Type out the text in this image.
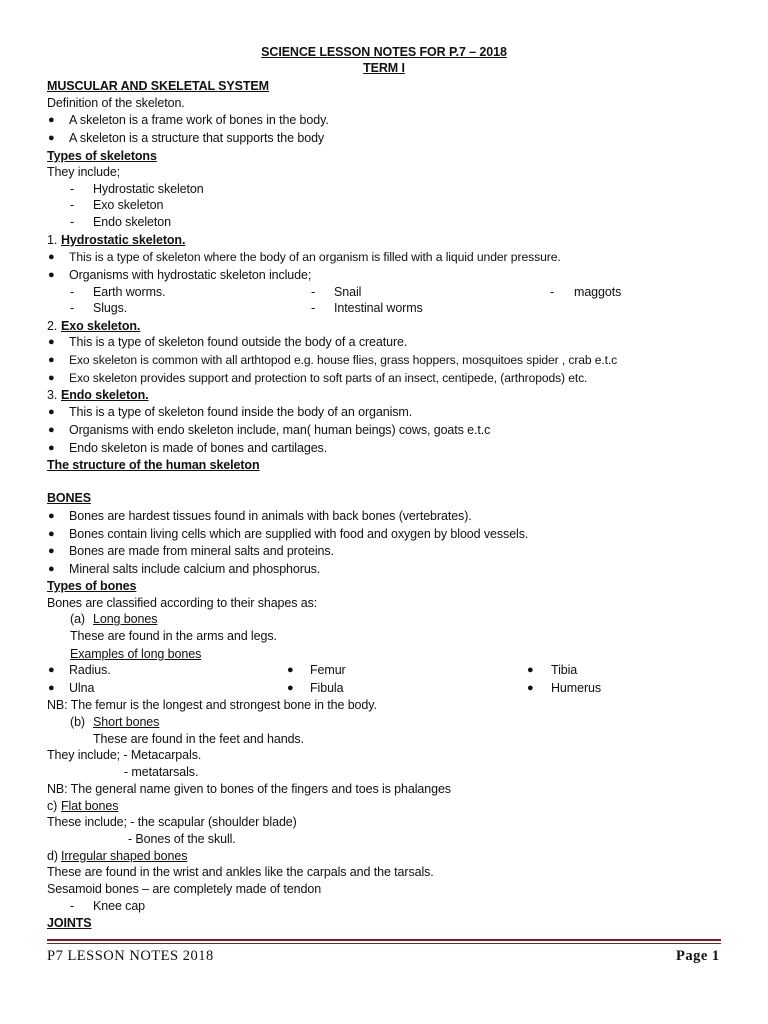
SCIENCE LESSON NOTES FOR P.7 – 2018
TERM I
MUSCULAR AND SKELETAL SYSTEM
Definition of the skeleton.
● A skeleton is a frame work of bones in the body.
● A skeleton is a structure that supports the body
Types of skeletons
They include;
- Hydrostatic skeleton
- Exo skeleton
- Endo skeleton
1. Hydrostatic skeleton.
● This is a type of skeleton where the body of an organism is filled with a liquid under pressure.
● Organisms with hydrostatic skeleton include;
- Earth worms.	- Snail	- maggots
- Slugs.	- Intestinal worms
2. Exo skeleton.
● This is a type of skeleton found outside the body of a creature.
● Exo skeleton is common with all arthtopod e.g. house flies, grass hoppers, mosquitoes spider , crab e.t.c
● Exo skeleton provides support and protection to soft parts of an insect, centipede, (arthropods) etc.
3. Endo skeleton.
● This is a type of skeleton found inside the body of an organism.
● Organisms with endo skeleton include, man( human beings) cows, goats e.t.c
● Endo skeleton is made of bones and cartilages.
The structure of the human skeleton
BONES
● Bones are hardest tissues found in animals with back bones (vertebrates).
● Bones contain living cells which are supplied with food and oxygen by blood vessels.
● Bones are made from mineral salts and proteins.
● Mineral salts include calcium and phosphorus.
Types of bones
Bones are classified according to their shapes as:
(a) Long bones
These are found in the arms and legs.
Examples of long bones
● Radius.	● Femur	● Tibia
● Ulna	● Fibula	● Humerus
NB: The femur is the longest and strongest bone in the body.
(b) Short bones
These are found in the feet and hands.
They include; - Metacarpals.
- metatarsals.
NB: The general name given to bones of the fingers and toes is phalanges
c) Flat bones
These include; - the scapular (shoulder blade)
- Bones of the skull.
d) Irregular shaped bones
These are found in the wrist and ankles like the carpals and the tarsals.
Sesamoid bones – are completely made of tendon
- Knee cap
JOINTS
P7 LESSON NOTES 2018	Page 1
